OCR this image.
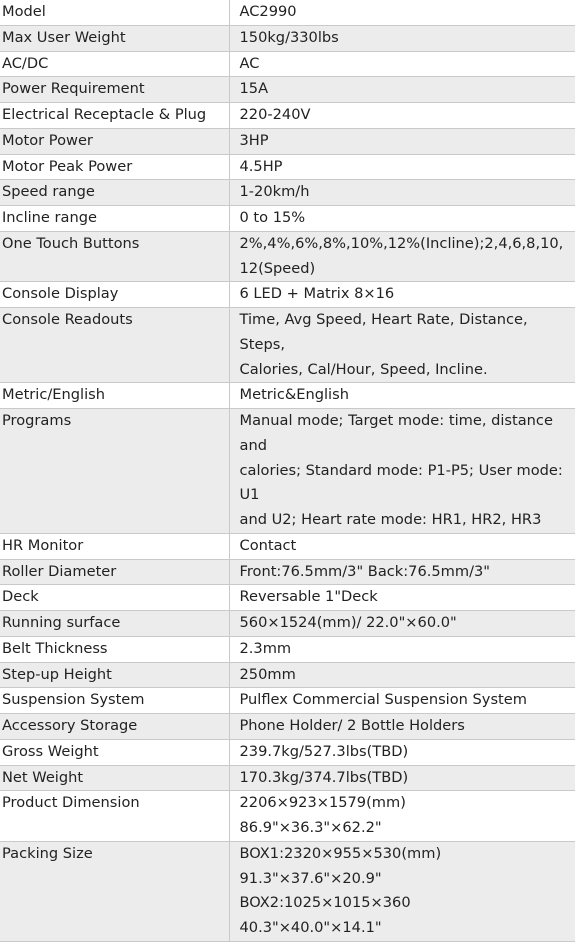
Model	AC2990
Max User Weight	150kg/330lbs
AC/DC	AC
Power Requirement	15A
Electrical Receptacle & Plug	220-240V
Motor Power	3HP
Motor Peak Power	4.5HP
Speed range	1-20km/h
Incline range	0 to 15%
One Touch Buttons	2%,4%,6%,8%,10%,12%(Incline);2,4,6,8,10,
12(Speed)
Console Display	6 LED + Matrix 8×16
Console Readouts	Time, Avg Speed, Heart Rate, Distance, Steps,
Calories, Cal/Hour, Speed, Incline.
Metric/English	Metric&English
Programs	Manual mode; Target mode: time, distance and
calories; Standard mode: P1-P5; User mode: U1
and U2; Heart rate mode: HR1, HR2, HR3
HR Monitor	Contact
Roller Diameter	Front:76.5mm/3" Back:76.5mm/3"
Deck	Reversable 1"Deck
Running surface	560×1524(mm)/ 22.0"×60.0"
Belt Thickness	2.3mm
Step-up Height	250mm
Suspension System	Pulflex Commercial Suspension System
Accessory Storage	Phone Holder/ 2 Bottle Holders
Gross Weight	239.7kg/527.3lbs(TBD)
Net Weight	170.3kg/374.7lbs(TBD)
Product Dimension	2206×923×1579(mm)
86.9"×36.3"×62.2"
Packing Size	BOX1:2320×955×530(mm)
91.3"×37.6"×20.9"
BOX2:1025×1015×360
40.3"×40.0"×14.1"
